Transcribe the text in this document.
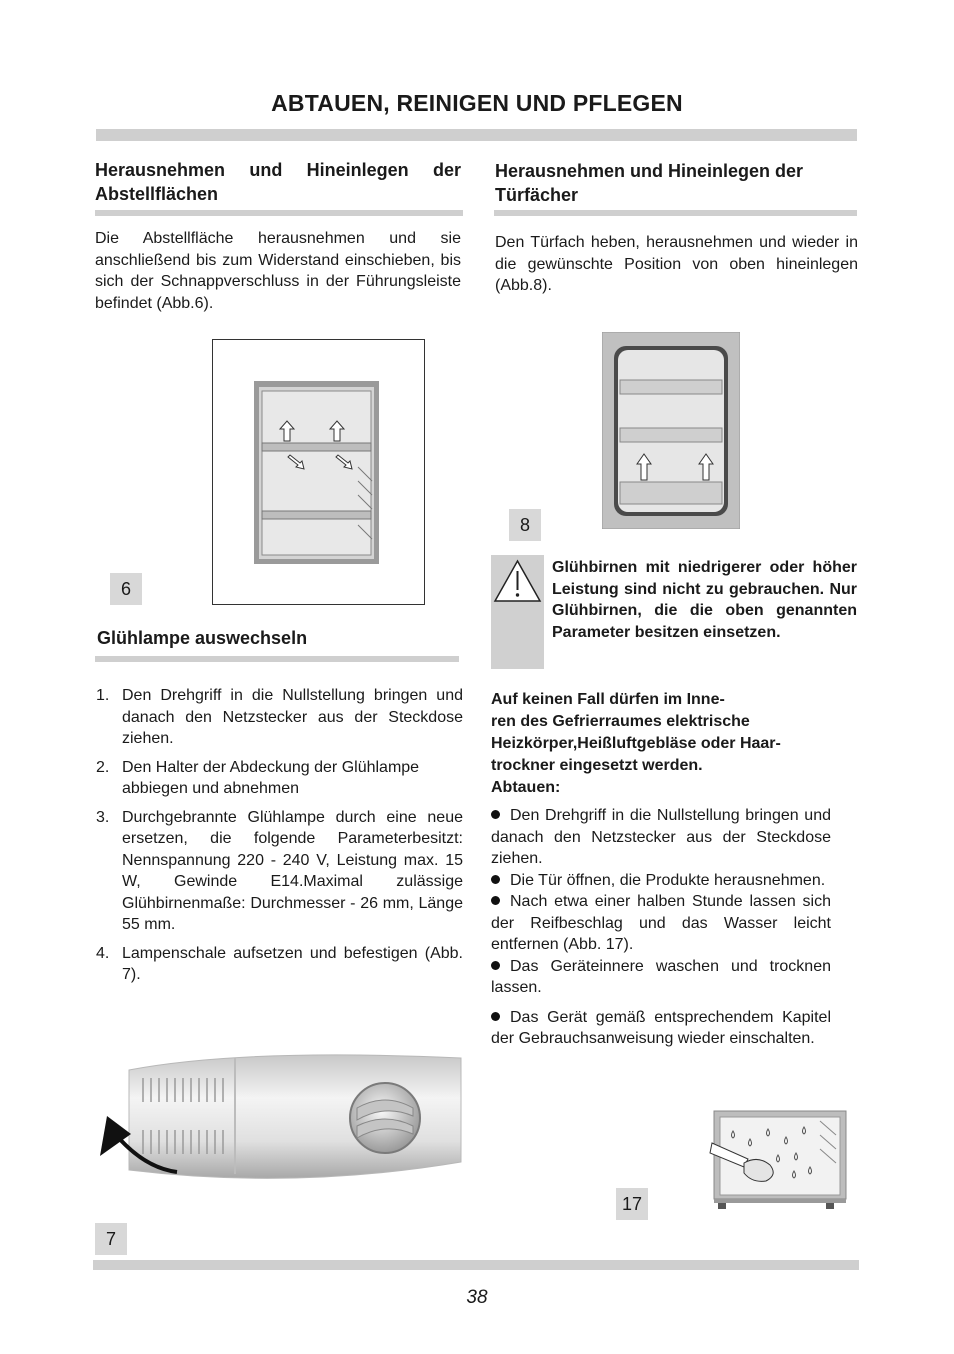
ABTAUEN, REINIGEN UND PFLEGEN
Herausnehmen und Hineinlegen der Abstellflächen
Die Abstellfläche herausnehmen und sie anschließend bis zum Widerstand einschieben, bis sich der Schnappverschluss in der Führungsleiste befindet (Abb.6).
6
Glühlampe auswechseln
1. Den Drehgriff in die Nullstellung bringen und danach den Netzstecker aus der Steckdose ziehen.
2. Den Halter der Abdeckung der Glühlampe abbiegen und abnehmen
3. Durchgebrannte Glühlampe durch eine neue ersetzen, die folgende Parameterbesitzt: Nennspannung 220 - 240 V, Leistung max. 15 W, Gewinde E14.Maximal zulässige Glühbirnenmaße: Durchmesser - 26 mm, Länge 55 mm.
4. Lampenschale aufsetzen und befestigen (Abb. 7).
7
Herausnehmen und Hineinlegen der Türfächer
Den Türfach heben, herausnehmen und wieder in die gewünschte Position von oben hineinlegen (Abb.8).
8
Glühbirnen mit niedrigerer oder höher Leistung sind nicht zu gebrauchen. Nur Glühbirnen, die die oben genannten Parameter besitzen einsetzen.
Auf keinen Fall dürfen im Inne-
ren des Gefrierraumes elektrische
Heizkörper,Heißluftgebläse oder Haar-
trockner eingesetzt werden.
Abtauen:
Den Drehgriff in die Nullstellung bringen und danach den Netzstecker aus der Steckdose ziehen.
Die Tür öffnen, die Produkte herausnehmen.
Nach etwa einer halben Stunde lassen sich der Reifbeschlag und das Wasser leicht entfernen (Abb. 17).
Das Geräteinnere waschen und trocknen lassen.
Das Gerät gemäß entsprechendem Kapitel der Gebrauchsanweisung wieder einschalten.
17
38
